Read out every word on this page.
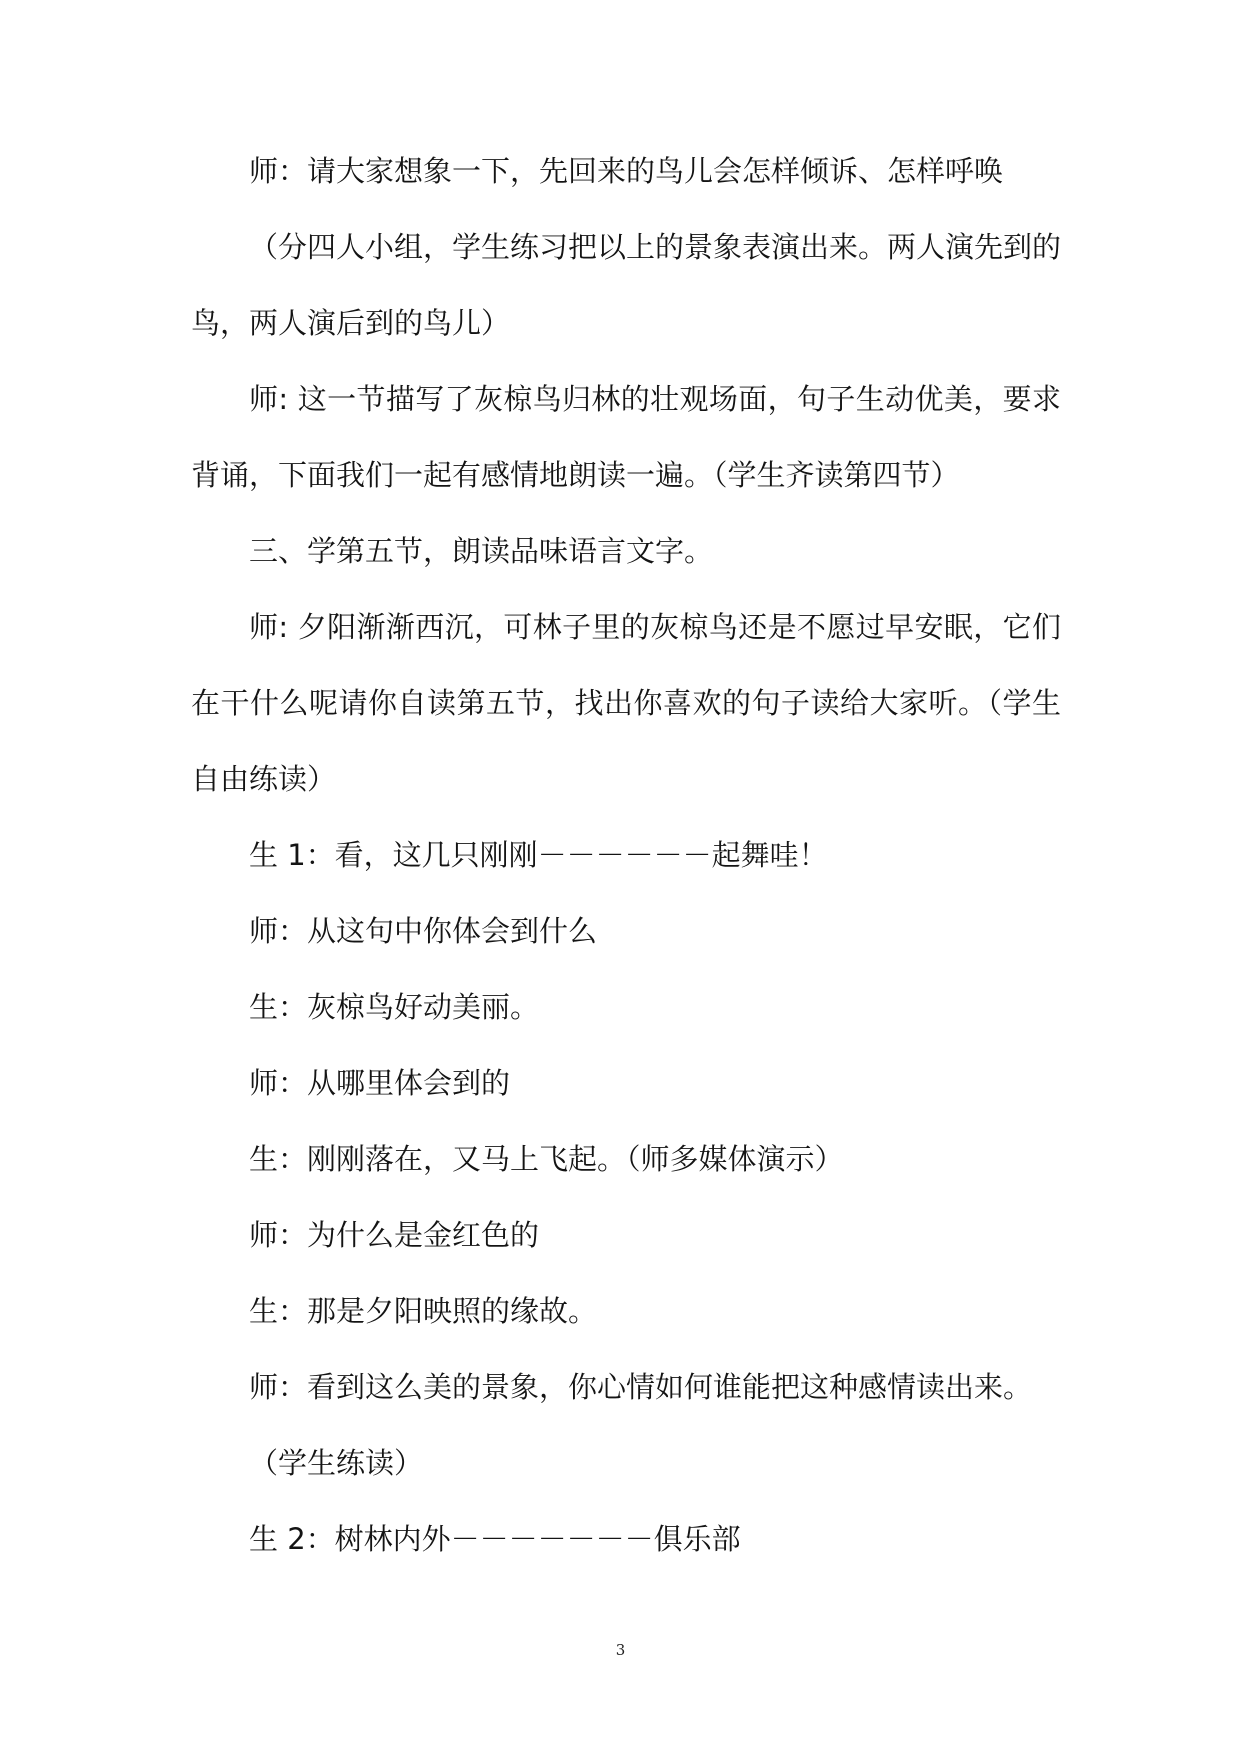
师：请大家想象一下，先回来的鸟儿会怎样倾诉、怎样呼唤
（分四人小组，学生练习把以上的景象表演出来。两人演先到的
鸟，两人演后到的鸟儿）
师: 这一节描写了灰椋鸟归林的壮观场面，句子生动优美，要求
背诵，下面我们一起有感情地朗读一遍。（学生齐读第四节）
三、学第五节，朗读品味语言文字。
师: 夕阳渐渐西沉，可林子里的灰椋鸟还是不愿过早安眠，它们
在干什么呢请你自读第五节，找出你喜欢的句子读给大家听。（学生
自由练读）
生 1：看，这几只刚刚－－－－－－起舞哇！
师：从这句中你体会到什么
生：灰椋鸟好动美丽。
师：从哪里体会到的
生：刚刚落在，又马上飞起。（师多媒体演示）
师：为什么是金红色的
生：那是夕阳映照的缘故。
师：看到这么美的景象，你心情如何谁能把这种感情读出来。
（学生练读）
生 2：树林内外－－－－－－－俱乐部
3
